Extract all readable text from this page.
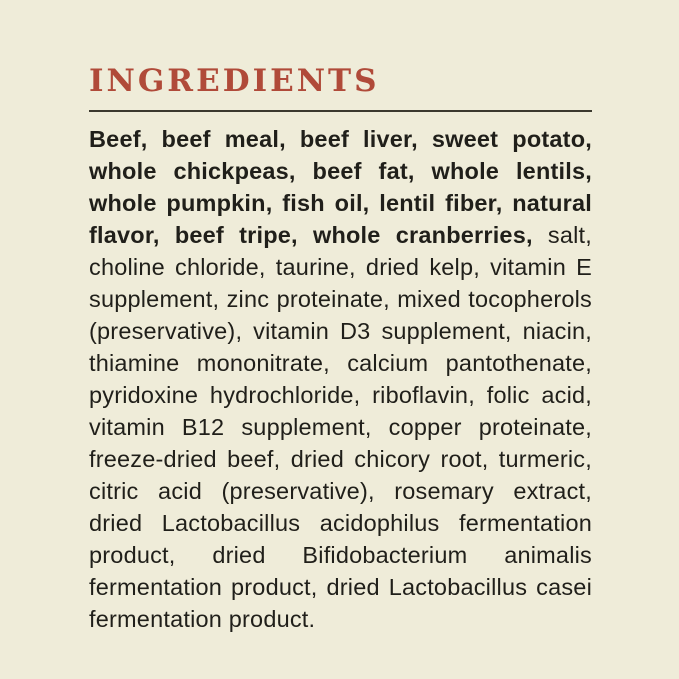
INGREDIENTS

Beef, beef meal, beef liver, sweet potato, whole chickpeas, beef fat, whole lentils, whole pumpkin, fish oil, lentil fiber, natural flavor, beef tripe, whole cranberries, salt, choline chloride, taurine, dried kelp, vitamin E supplement, zinc proteinate, mixed tocopherols (preservative), vitamin D3 supplement, niacin, thiamine mononitrate, calcium pantothenate, pyridoxine hydrochloride, riboflavin, folic acid, vitamin B12 supplement, copper proteinate, freeze-dried beef, dried chicory root, turmeric, citric acid (preservative), rosemary extract, dried Lactobacillus acidophilus fermentation product, dried Bifidobacterium animalis fermentation product, dried Lactobacillus casei fermentation product.
